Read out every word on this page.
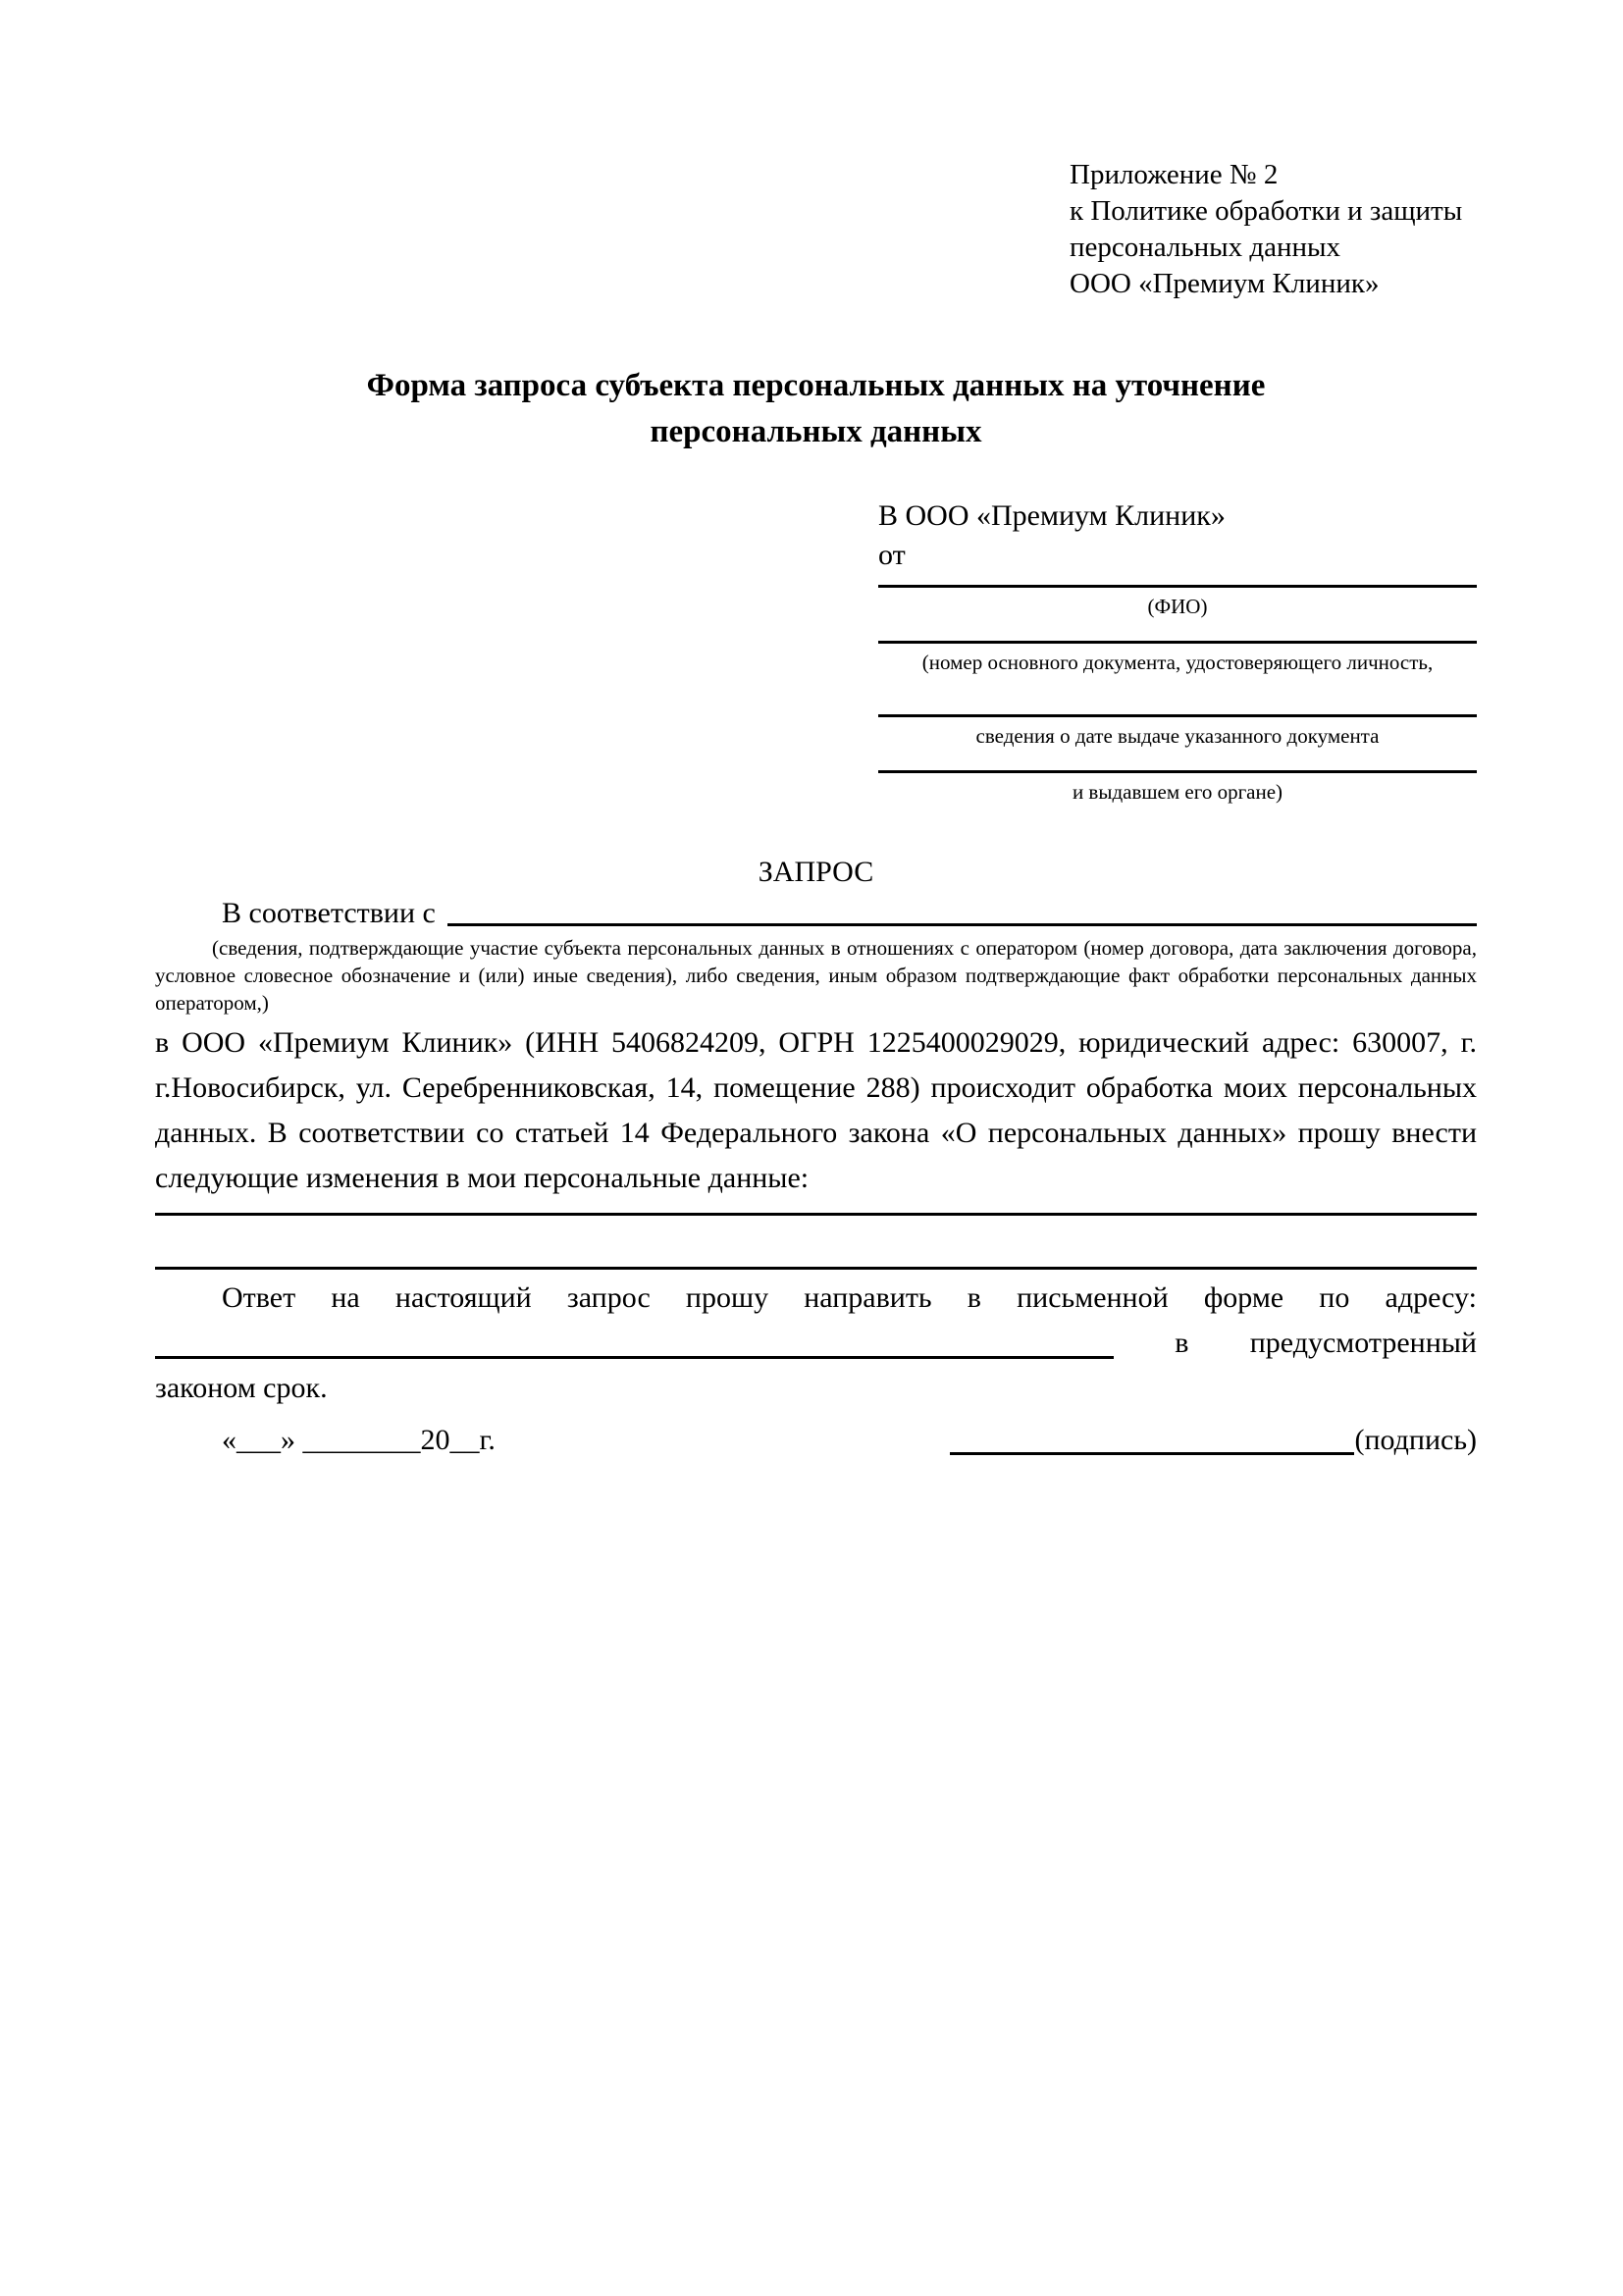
Приложение № 2
к Политике обработки и защиты
персональных данных
ООО «Премиум Клиник»
Форма запроса субъекта персональных данных на уточнение
персональных данных
В ООО «Премиум Клиник»
от
(ФИО)
(номер основного документа, удостоверяющего личность,
сведения о дате выдаче указанного документа
и выдавшем его органе)
ЗАПРОС
В соответствии с

(сведения, подтверждающие участие субъекта персональных данных в отношениях с оператором (номер договора, дата заключения договора, условное словесное обозначение и (или) иные сведения), либо сведения, иным образом подтверждающие факт обработки персональных данных оператором,)

в ООО «Премиум Клиник» (ИНН 5406824209, ОГРН 1225400029029, юридический адрес: 630007, г. г.Новосибирск, ул. Серебренниковская, 14, помещение 288) происходит обработка моих персональных данных. В соответствии со статьей 14 Федерального закона «О персональных данных» прошу внести следующие изменения в мои персональные данные:

Ответ на настоящий запрос прошу направить в письменной форме по адресу:

в предусмотренный

законом срок.

«___» ________20__г.	(подпись)
